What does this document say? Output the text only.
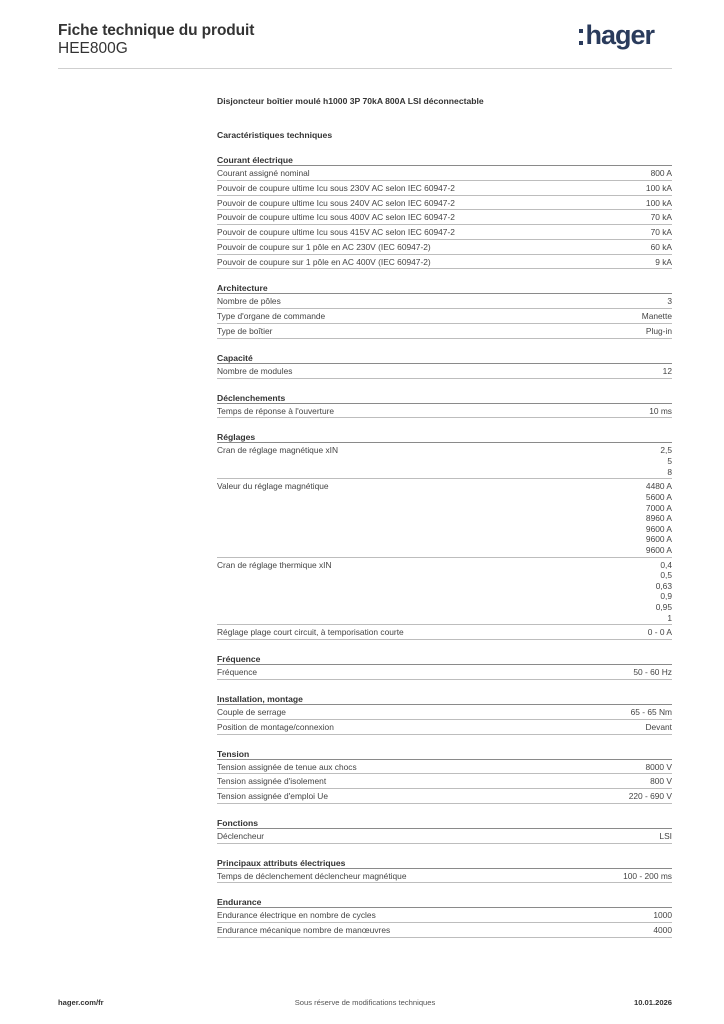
Fiche technique du produit
HEE800G	hager
Disjoncteur boîtier moulé h1000 3P 70kA 800A LSI déconnectable
Caractéristiques techniques
Courant électrique
Courant assigné nominal	800 A
Pouvoir de coupure ultime Icu sous 230V AC selon IEC 60947-2	100 kA
Pouvoir de coupure ultime Icu sous 240V AC selon IEC 60947-2	100 kA
Pouvoir de coupure ultime Icu sous 400V AC selon IEC 60947-2	70 kA
Pouvoir de coupure ultime Icu sous 415V AC selon IEC 60947-2	70 kA
Pouvoir de coupure sur 1 pôle en AC 230V (IEC 60947-2)	60 kA
Pouvoir de coupure sur 1 pôle en AC 400V (IEC 60947-2)	9 kA
Architecture
Nombre de pôles	3
Type d'organe de commande	Manette
Type de boîtier	Plug-in
Capacité
Nombre de modules	12
Déclenchements
Temps de réponse à l'ouverture	10 ms
Réglages
Cran de réglage magnétique xIN	2,5
5
8
Valeur du réglage magnétique	4480 A
5600 A
7000 A
8960 A
9600 A
9600 A
9600 A
Cran de réglage thermique xIN	0,4
0,5
0,63
0,9
0,95
1
Réglage plage court circuit, à temporisation courte	0 - 0 A
Fréquence
Fréquence	50 - 60 Hz
Installation, montage
Couple de serrage	65 - 65 Nm
Position de montage/connexion	Devant
Tension
Tension assignée de tenue aux chocs	8000 V
Tension assignée d'isolement	800 V
Tension assignée d'emploi Ue	220 - 690 V
Fonctions
Déclencheur	LSI
Principaux attributs électriques
Temps de déclenchement déclencheur magnétique	100 - 200 ms
Endurance
Endurance électrique en nombre de cycles	1000
Endurance mécanique nombre de manœuvres	4000
hager.com/fr	Sous réserve de modifications techniques	10.01.2026
